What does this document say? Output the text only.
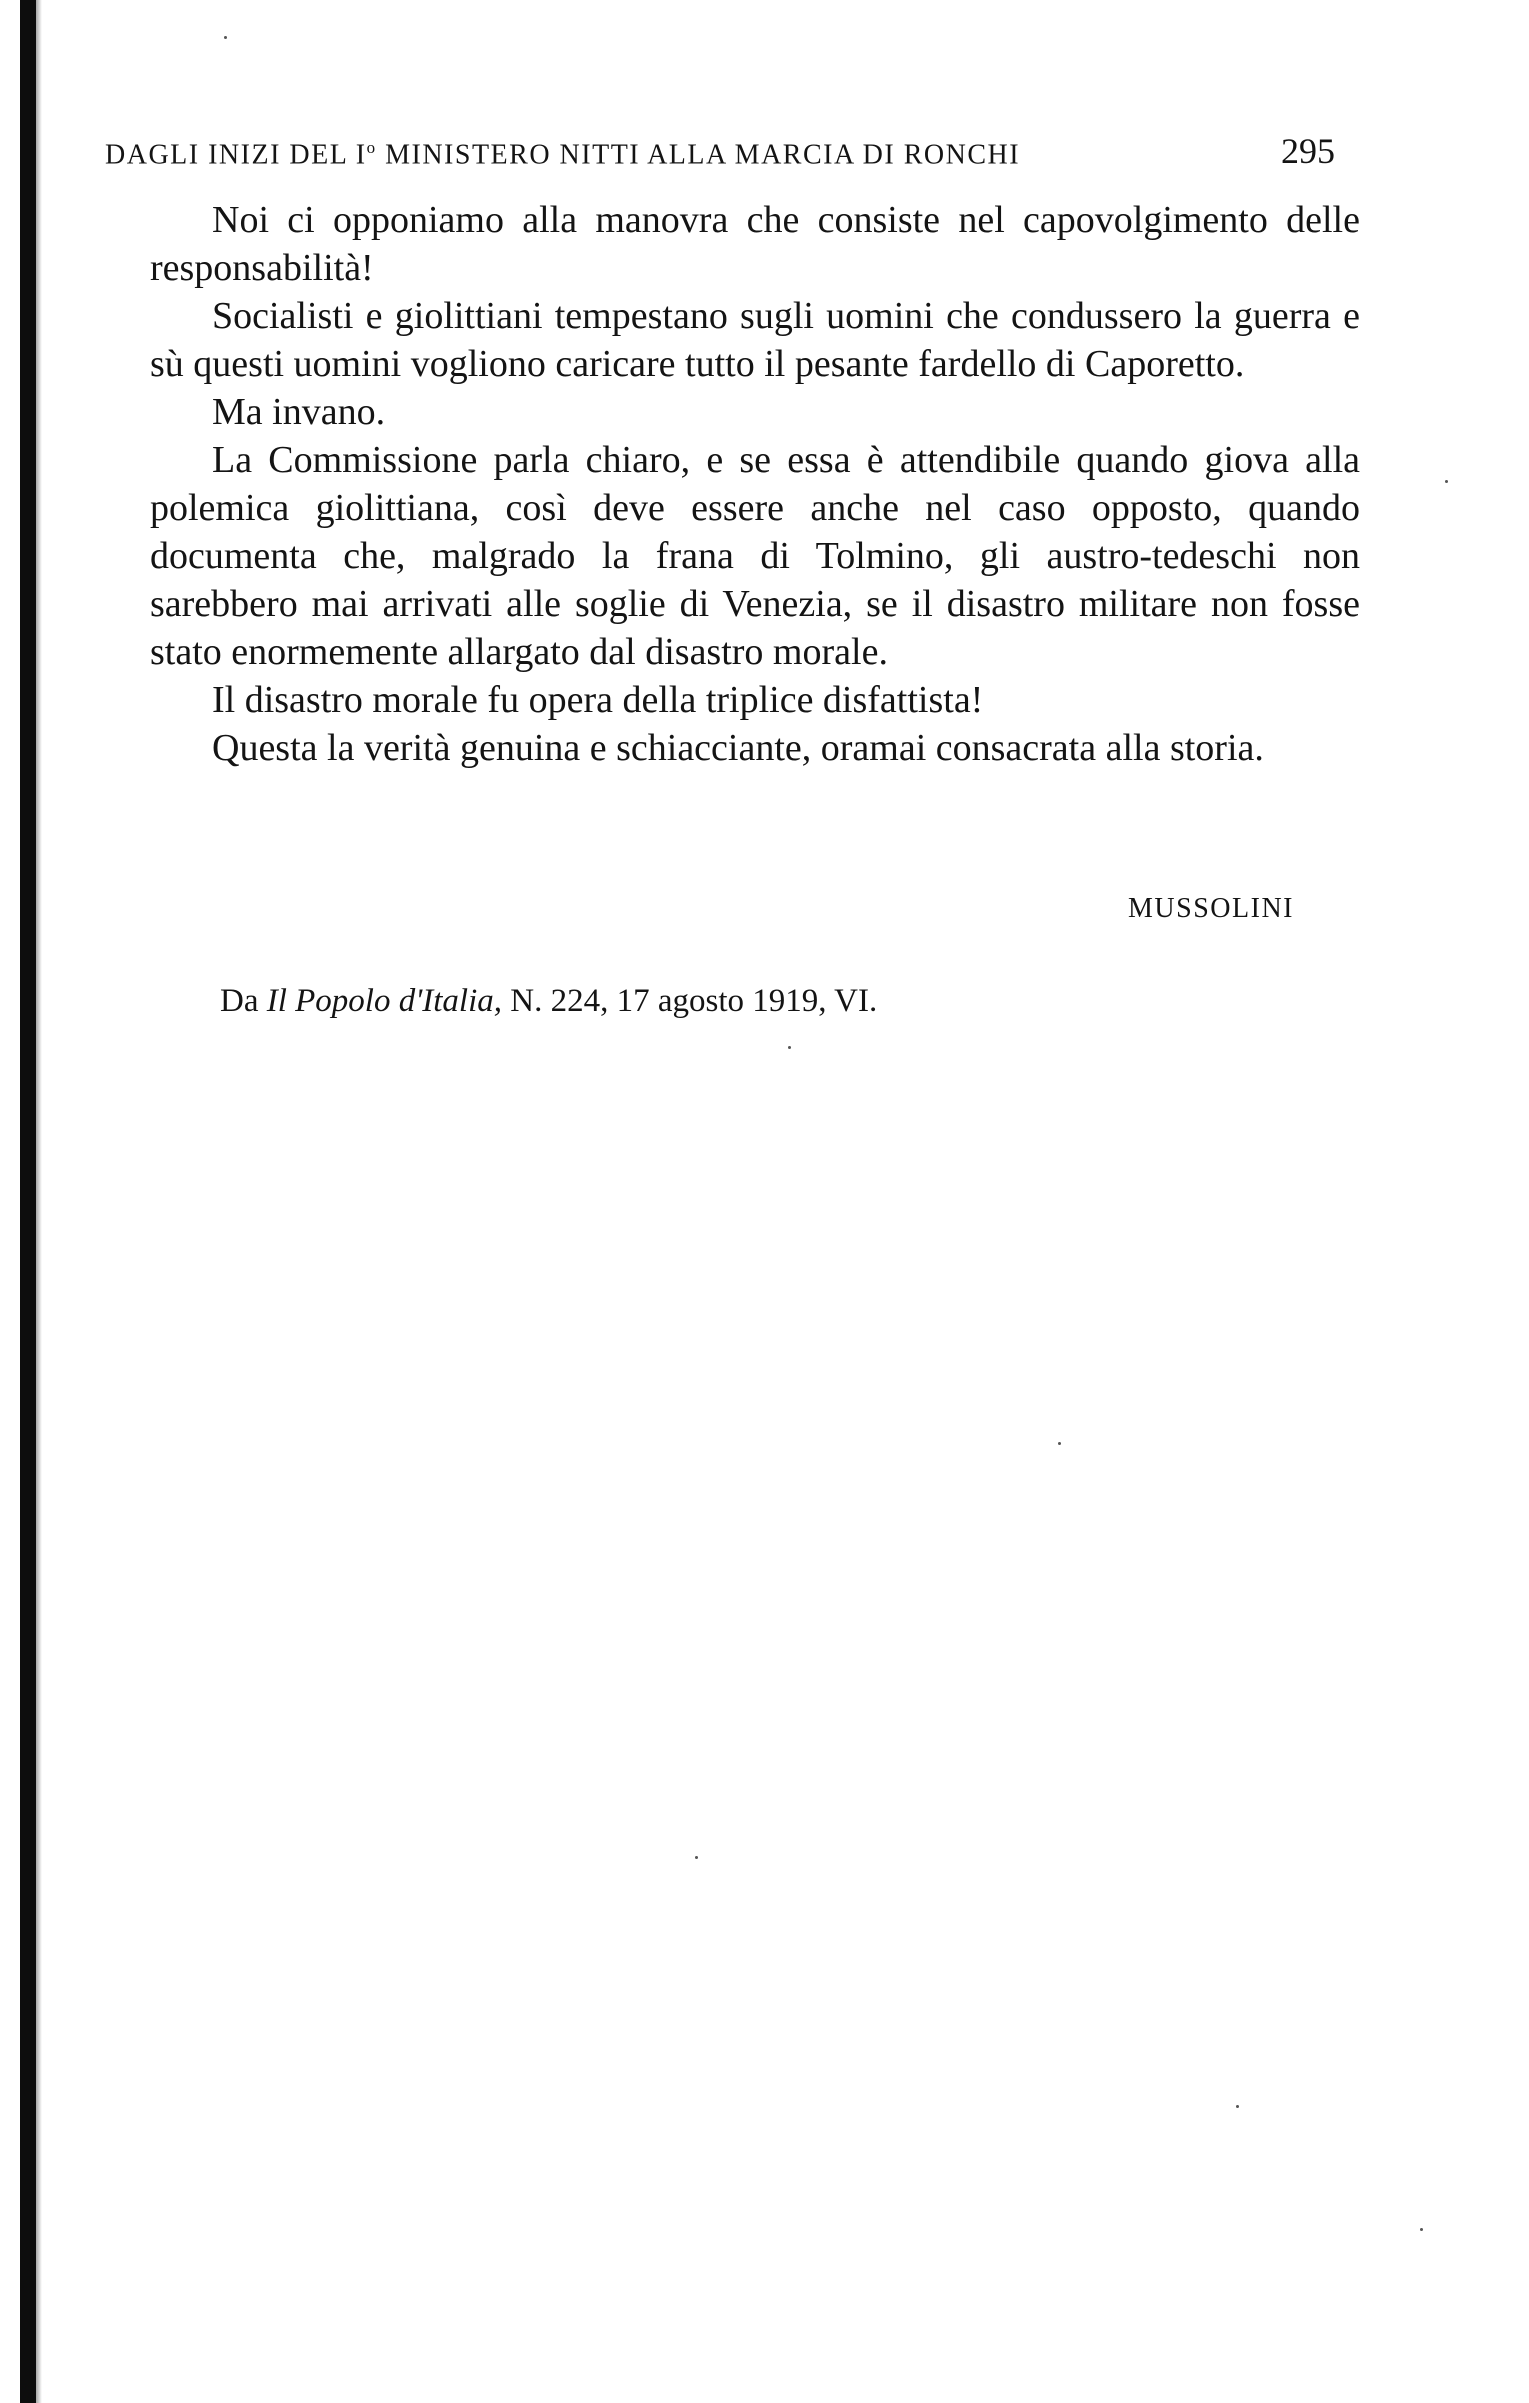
DAGLI INIZI DEL $I^o$ MINISTERO NITTI ALLA MARCIA DI RONCHI	295

Noi ci opponiamo alla manovra che consiste nel capovolgimento delle responsabilità!

Socialisti e giolittiani tempestano sugli uomini che condussero la guerra e sù questi uomini vogliono caricare tutto il pesante fardello di Caporetto.

Ma invano.

La Commissione parla chiaro, e se essa è attendibile quando giova alla polemica giolittiana, così deve essere anche nel caso opposto, quando documenta che, malgrado la frana di Tolmino, gli austro-tedeschi non sarebbero mai arrivati alle soglie di Venezia, se il disastro militare non fosse stato enormemente allargato dal disastro morale.

Il disastro morale fu opera della triplice disfattista!

Questa la verità genuina e schiacciante, oramai consacrata alla storia.

MUSSOLINI
Da Il Popolo d'Italia, N. 224, 17 agosto 1919, VI.
